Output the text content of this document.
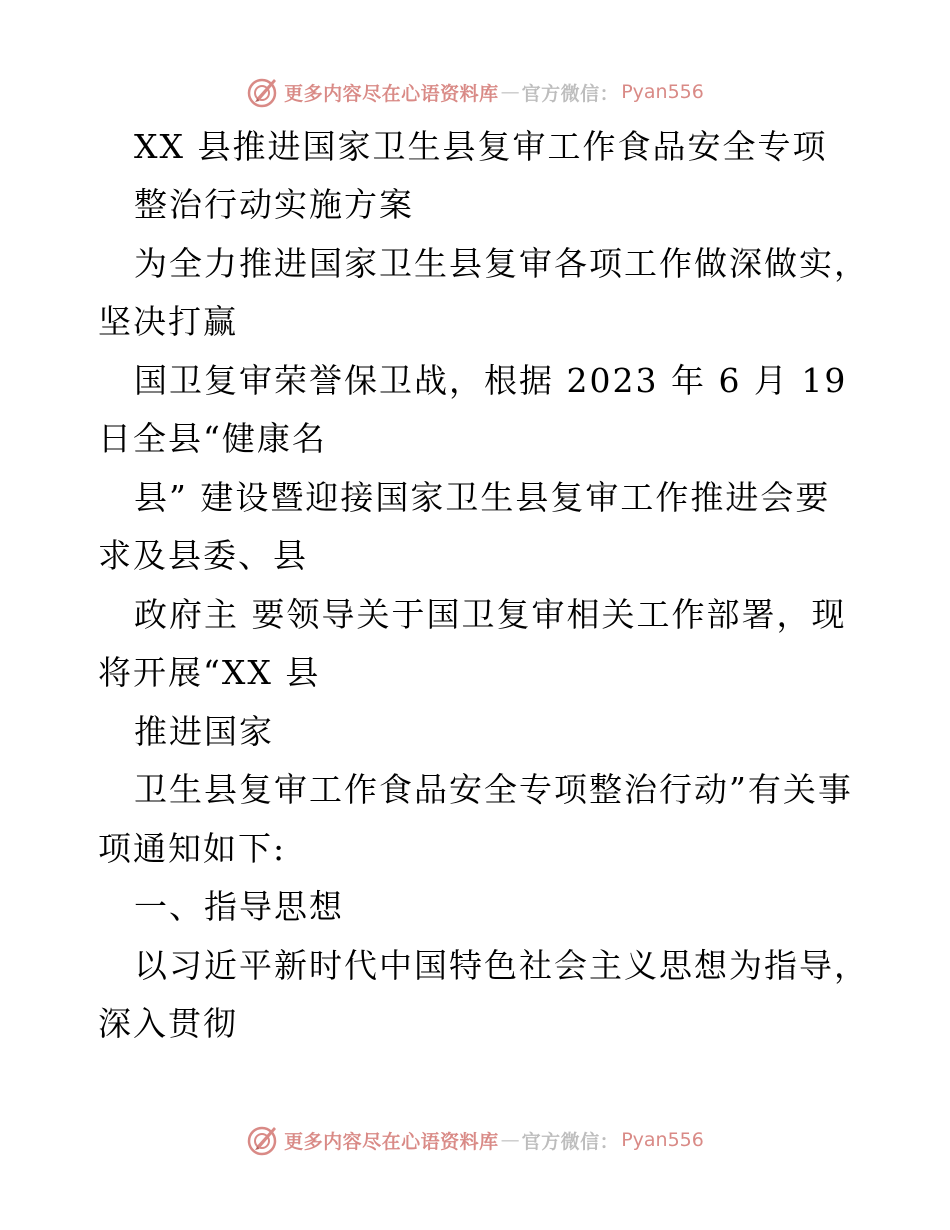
更多内容尽在心语资料库 — 官方微信： Pyan556
XX 县推进国家卫生县复审工作食品安全专项
整治行动实施方案
为全力推进国家卫生县复审各项工作做深做实，
坚决打赢
国卫复审荣誉保卫战，根据 2023 年 6 月 19
日全县“健康名
县” 建设暨迎接国家卫生县复审工作推进会要
求及县委、县
政府主 要领导关于国卫复审相关工作部署，现
将开展“XX 县
推进国家
卫生县复审工作食品安全专项整治行动”有关事
项通知如下:
一、指导思想
以习近平新时代中国特色社会主义思想为指导，
深入贯彻
更多内容尽在心语资料库 — 官方微信： Pyan556
